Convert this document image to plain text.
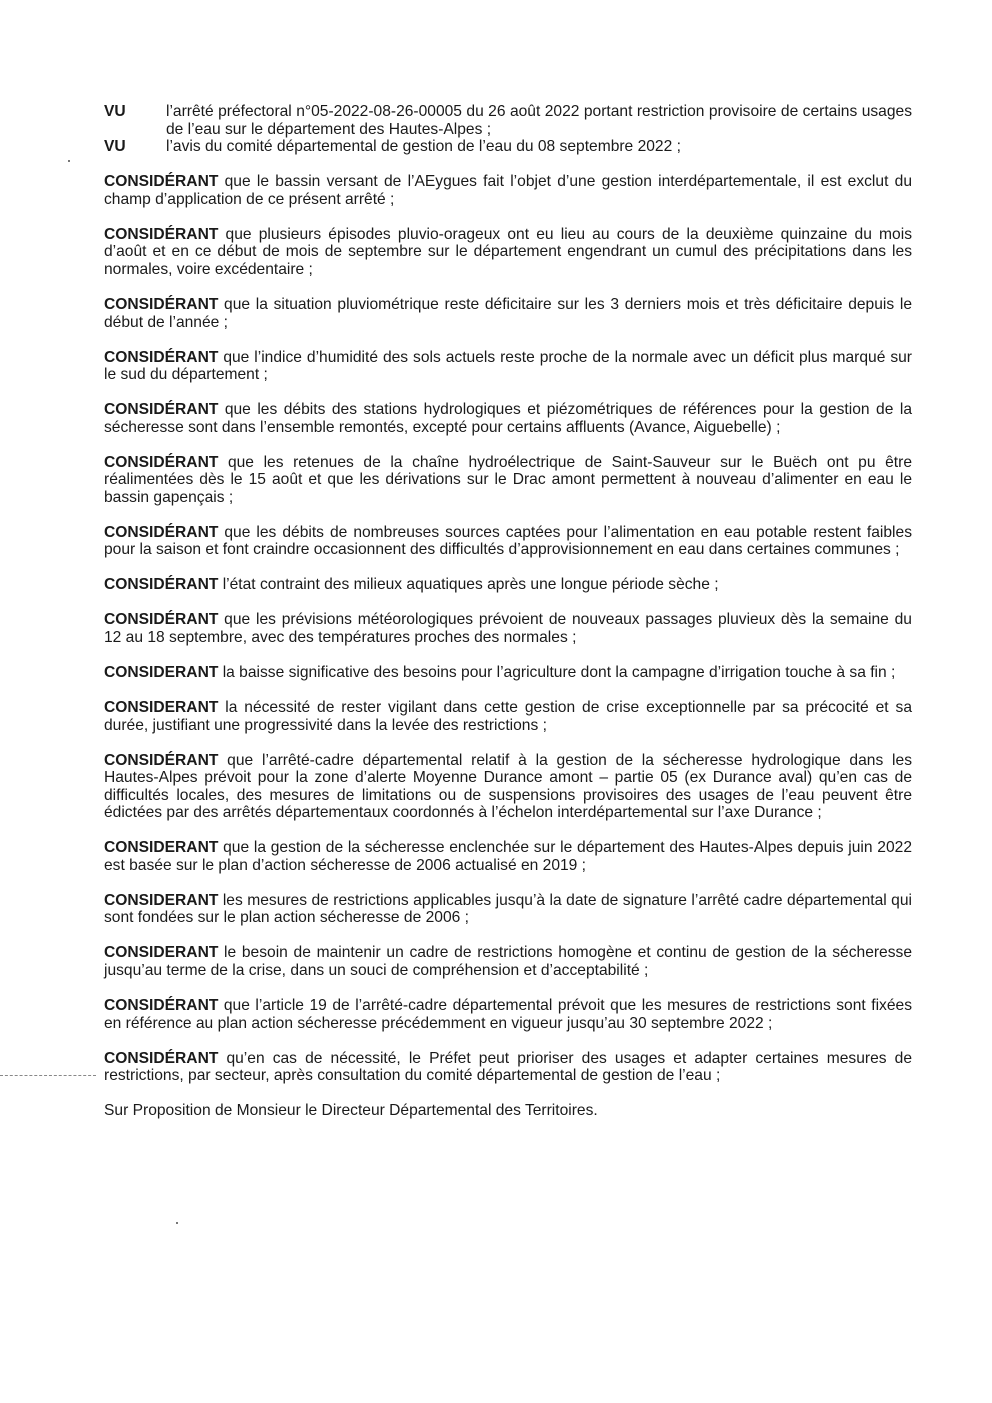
VU	l’arrêté préfectoral n°05-2022-08-26-00005 du 26 août 2022 portant restriction provisoire de certains usages de l’eau sur le département des Hautes-Alpes ;
VU	l’avis du comité départemental de gestion de l’eau du 08 septembre 2022 ;
CONSIDÉRANT que le bassin versant de l’AEygues fait l’objet d’une gestion interdépartementale, il est exclut du champ d’application de ce présent arrêté ;
CONSIDÉRANT que plusieurs épisodes pluvio-orageux ont eu lieu au cours de la deuxième quinzaine du mois d’août et en ce début de mois de septembre sur le département engendrant un cumul des précipitations dans les normales, voire excédentaire ;
CONSIDÉRANT que la situation pluviométrique reste déficitaire sur les 3 derniers mois et très déficitaire depuis le début de l’année ;
CONSIDÉRANT que l’indice d’humidité des sols actuels reste proche de la normale avec un déficit plus marqué sur le sud du département ;
CONSIDÉRANT que les débits des stations hydrologiques et piézométriques de références pour la gestion de la sécheresse sont dans l’ensemble remontés, excepté pour certains affluents (Avance, Aiguebelle) ;
CONSIDÉRANT que les retenues de la chaîne hydroélectrique de Saint-Sauveur sur le Buëch ont pu être réalimentées dès le 15 août et que les dérivations sur le Drac amont permettent à nouveau d’alimenter en eau le bassin gapençais ;
CONSIDÉRANT que les débits de nombreuses sources captées pour l’alimentation en eau potable restent faibles pour la saison et font craindre occasionnent des difficultés d’approvisionnement en eau dans certaines communes ;
CONSIDÉRANT l’état contraint des milieux aquatiques après une longue période sèche ;
CONSIDÉRANT que les prévisions météorologiques prévoient de nouveaux passages pluvieux dès la semaine du 12 au 18 septembre, avec des températures proches des normales ;
CONSIDERANT la baisse significative des besoins pour l’agriculture dont la campagne d’irrigation touche à sa fin ;
CONSIDERANT la nécessité de rester vigilant dans cette gestion de crise exceptionnelle par sa précocité et sa durée, justifiant une progressivité dans la levée des restrictions ;
CONSIDÉRANT que l’arrêté-cadre départemental relatif à la gestion de la sécheresse hydrologique dans les Hautes-Alpes prévoit pour la zone d’alerte Moyenne Durance amont – partie 05 (ex Durance aval) qu’en cas de difficultés locales, des mesures de limitations ou de suspensions provisoires des usages de l’eau peuvent être édictées par des arrêtés départementaux coordonnés à l’échelon interdépartemental sur l’axe Durance ;
CONSIDERANT que la gestion de la sécheresse enclenchée sur le département des Hautes-Alpes depuis juin 2022 est basée sur le plan d’action sécheresse de 2006 actualisé en 2019 ;
CONSIDERANT les mesures de restrictions applicables jusqu’à la date de signature l’arrêté cadre départemental qui sont fondées sur le plan action sécheresse de 2006 ;
CONSIDERANT le besoin de maintenir un cadre de restrictions homogène et continu de gestion de la sécheresse jusqu’au terme de la crise, dans un souci de compréhension et d’acceptabilité ;
CONSIDÉRANT que l’article 19 de l’arrêté-cadre départemental prévoit que les mesures de restrictions sont fixées en référence au plan action sécheresse précédemment en vigueur jusqu’au 30 septembre 2022 ;
CONSIDÉRANT qu’en cas de nécessité, le Préfet peut prioriser des usages et adapter certaines mesures de restrictions, par secteur, après consultation du comité départemental de gestion de l’eau ;
Sur Proposition de Monsieur le Directeur Départemental des Territoires.
